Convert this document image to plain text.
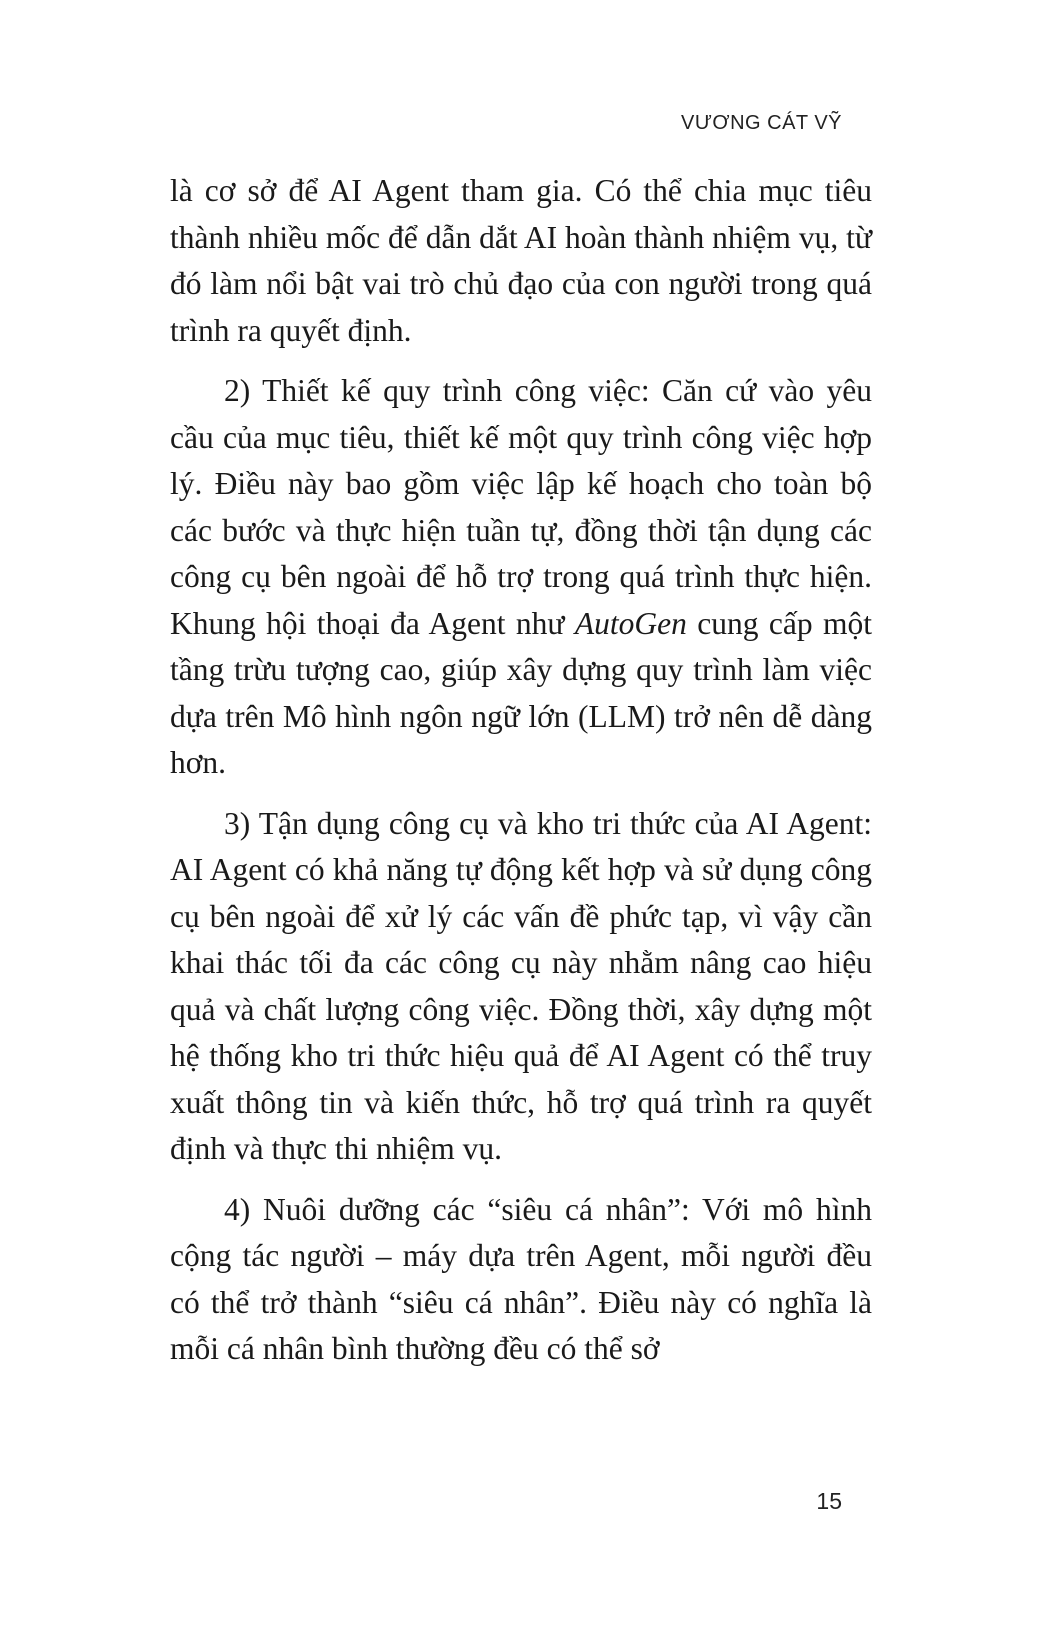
VƯƠNG CÁT VỸ

là cơ sở để AI Agent tham gia. Có thể chia mục tiêu thành nhiều mốc để dẫn dắt AI hoàn thành nhiệm vụ, từ đó làm nổi bật vai trò chủ đạo của con người trong quá trình ra quyết định.

2) Thiết kế quy trình công việc: Căn cứ vào yêu cầu của mục tiêu, thiết kế một quy trình công việc hợp lý. Điều này bao gồm việc lập kế hoạch cho toàn bộ các bước và thực hiện tuần tự, đồng thời tận dụng các công cụ bên ngoài để hỗ trợ trong quá trình thực hiện. Khung hội thoại đa Agent như AutoGen cung cấp một tầng trừu tượng cao, giúp xây dựng quy trình làm việc dựa trên Mô hình ngôn ngữ lớn (LLM) trở nên dễ dàng hơn.

3) Tận dụng công cụ và kho tri thức của AI Agent: AI Agent có khả năng tự động kết hợp và sử dụng công cụ bên ngoài để xử lý các vấn đề phức tạp, vì vậy cần khai thác tối đa các công cụ này nhằm nâng cao hiệu quả và chất lượng công việc. Đồng thời, xây dựng một hệ thống kho tri thức hiệu quả để AI Agent có thể truy xuất thông tin và kiến thức, hỗ trợ quá trình ra quyết định và thực thi nhiệm vụ.

4) Nuôi dưỡng các “siêu cá nhân”: Với mô hình cộng tác người – máy dựa trên Agent, mỗi người đều có thể trở thành “siêu cá nhân”. Điều này có nghĩa là mỗi cá nhân bình thường đều có thể sở

15
